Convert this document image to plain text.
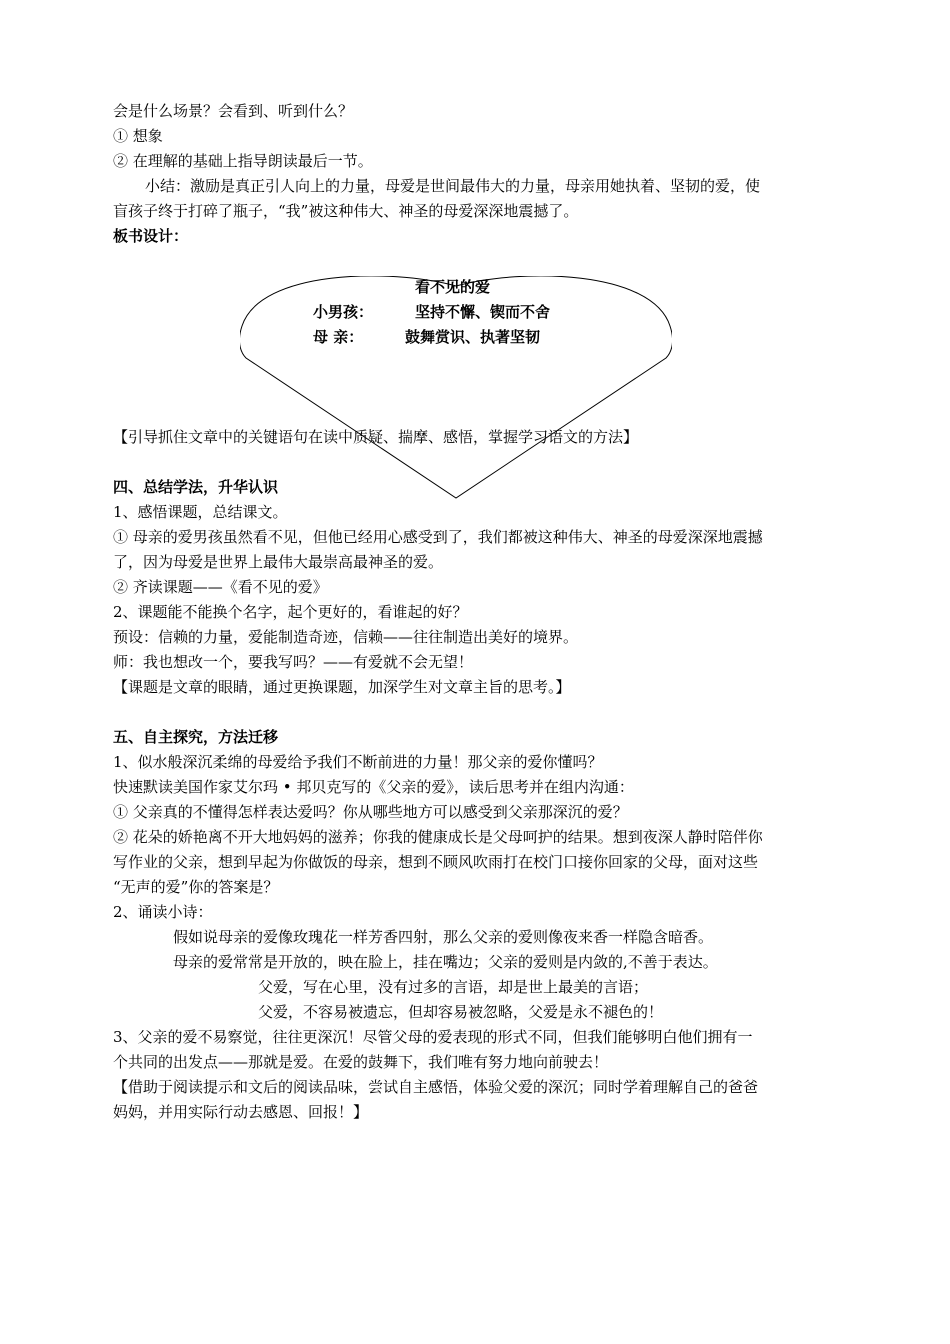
会是什么场景？会看到、听到什么？
① 想象
② 在理解的基础上指导朗读最后一节。
小结：激励是真正引人向上的力量，母爱是世间最伟大的力量，母亲用她执着、坚韧的爱，使
盲孩子终于打碎了瓶子，“我”被这种伟大、神圣的母爱深深地震撼了。
板书设计：
看不见的爱
小男孩：	坚持不懈、锲而不舍
母 亲：	鼓舞赏识、执著坚韧
【引导抓住文章中的关键语句在读中质疑、揣摩、感悟，掌握学习语文的方法】
四、总结学法，升华认识
1、感悟课题，总结课文。
① 母亲的爱男孩虽然看不见，但他已经用心感受到了，我们都被这种伟大、神圣的母爱深深地震撼
了，因为母爱是世界上最伟大最崇高最神圣的爱。
② 齐读课题——《看不见的爱》
2、课题能不能换个名字，起个更好的，看谁起的好？
预设：信赖的力量，爱能制造奇迹，信赖——往往制造出美好的境界。
师：我也想改一个，要我写吗？——有爱就不会无望！
【课题是文章的眼睛，通过更换课题，加深学生对文章主旨的思考。】
五、自主探究，方法迁移
1、似水般深沉柔绵的母爱给予我们不断前进的力量！那父亲的爱你懂吗？
快速默读美国作家艾尔玛 • 邦贝克写的《父亲的爱》，读后思考并在组内沟通：
① 父亲真的不懂得怎样表达爱吗？你从哪些地方可以感受到父亲那深沉的爱？
② 花朵的娇艳离不开大地妈妈的滋养；你我的健康成长是父母呵护的结果。想到夜深人静时陪伴你
写作业的父亲，想到早起为你做饭的母亲，想到不顾风吹雨打在校门口接你回家的父母，面对这些
“无声的爱”你的答案是？
2、诵读小诗：
假如说母亲的爱像玫瑰花一样芳香四射，那么父亲的爱则像夜来香一样隐含暗香。
母亲的爱常常是开放的，映在脸上，挂在嘴边；父亲的爱则是内敛的,不善于表达。
父爱，写在心里，没有过多的言语，却是世上最美的言语；
父爱，不容易被遗忘，但却容易被忽略，父爱是永不褪色的！
3、父亲的爱不易察觉，往往更深沉！尽管父母的爱表现的形式不同，但我们能够明白他们拥有一
个共同的出发点——那就是爱。在爱的鼓舞下，我们唯有努力地向前驶去！
【借助于阅读提示和文后的阅读品味，尝试自主感悟，体验父爱的深沉；同时学着理解自己的爸爸
妈妈，并用实际行动去感恩、回报！】
